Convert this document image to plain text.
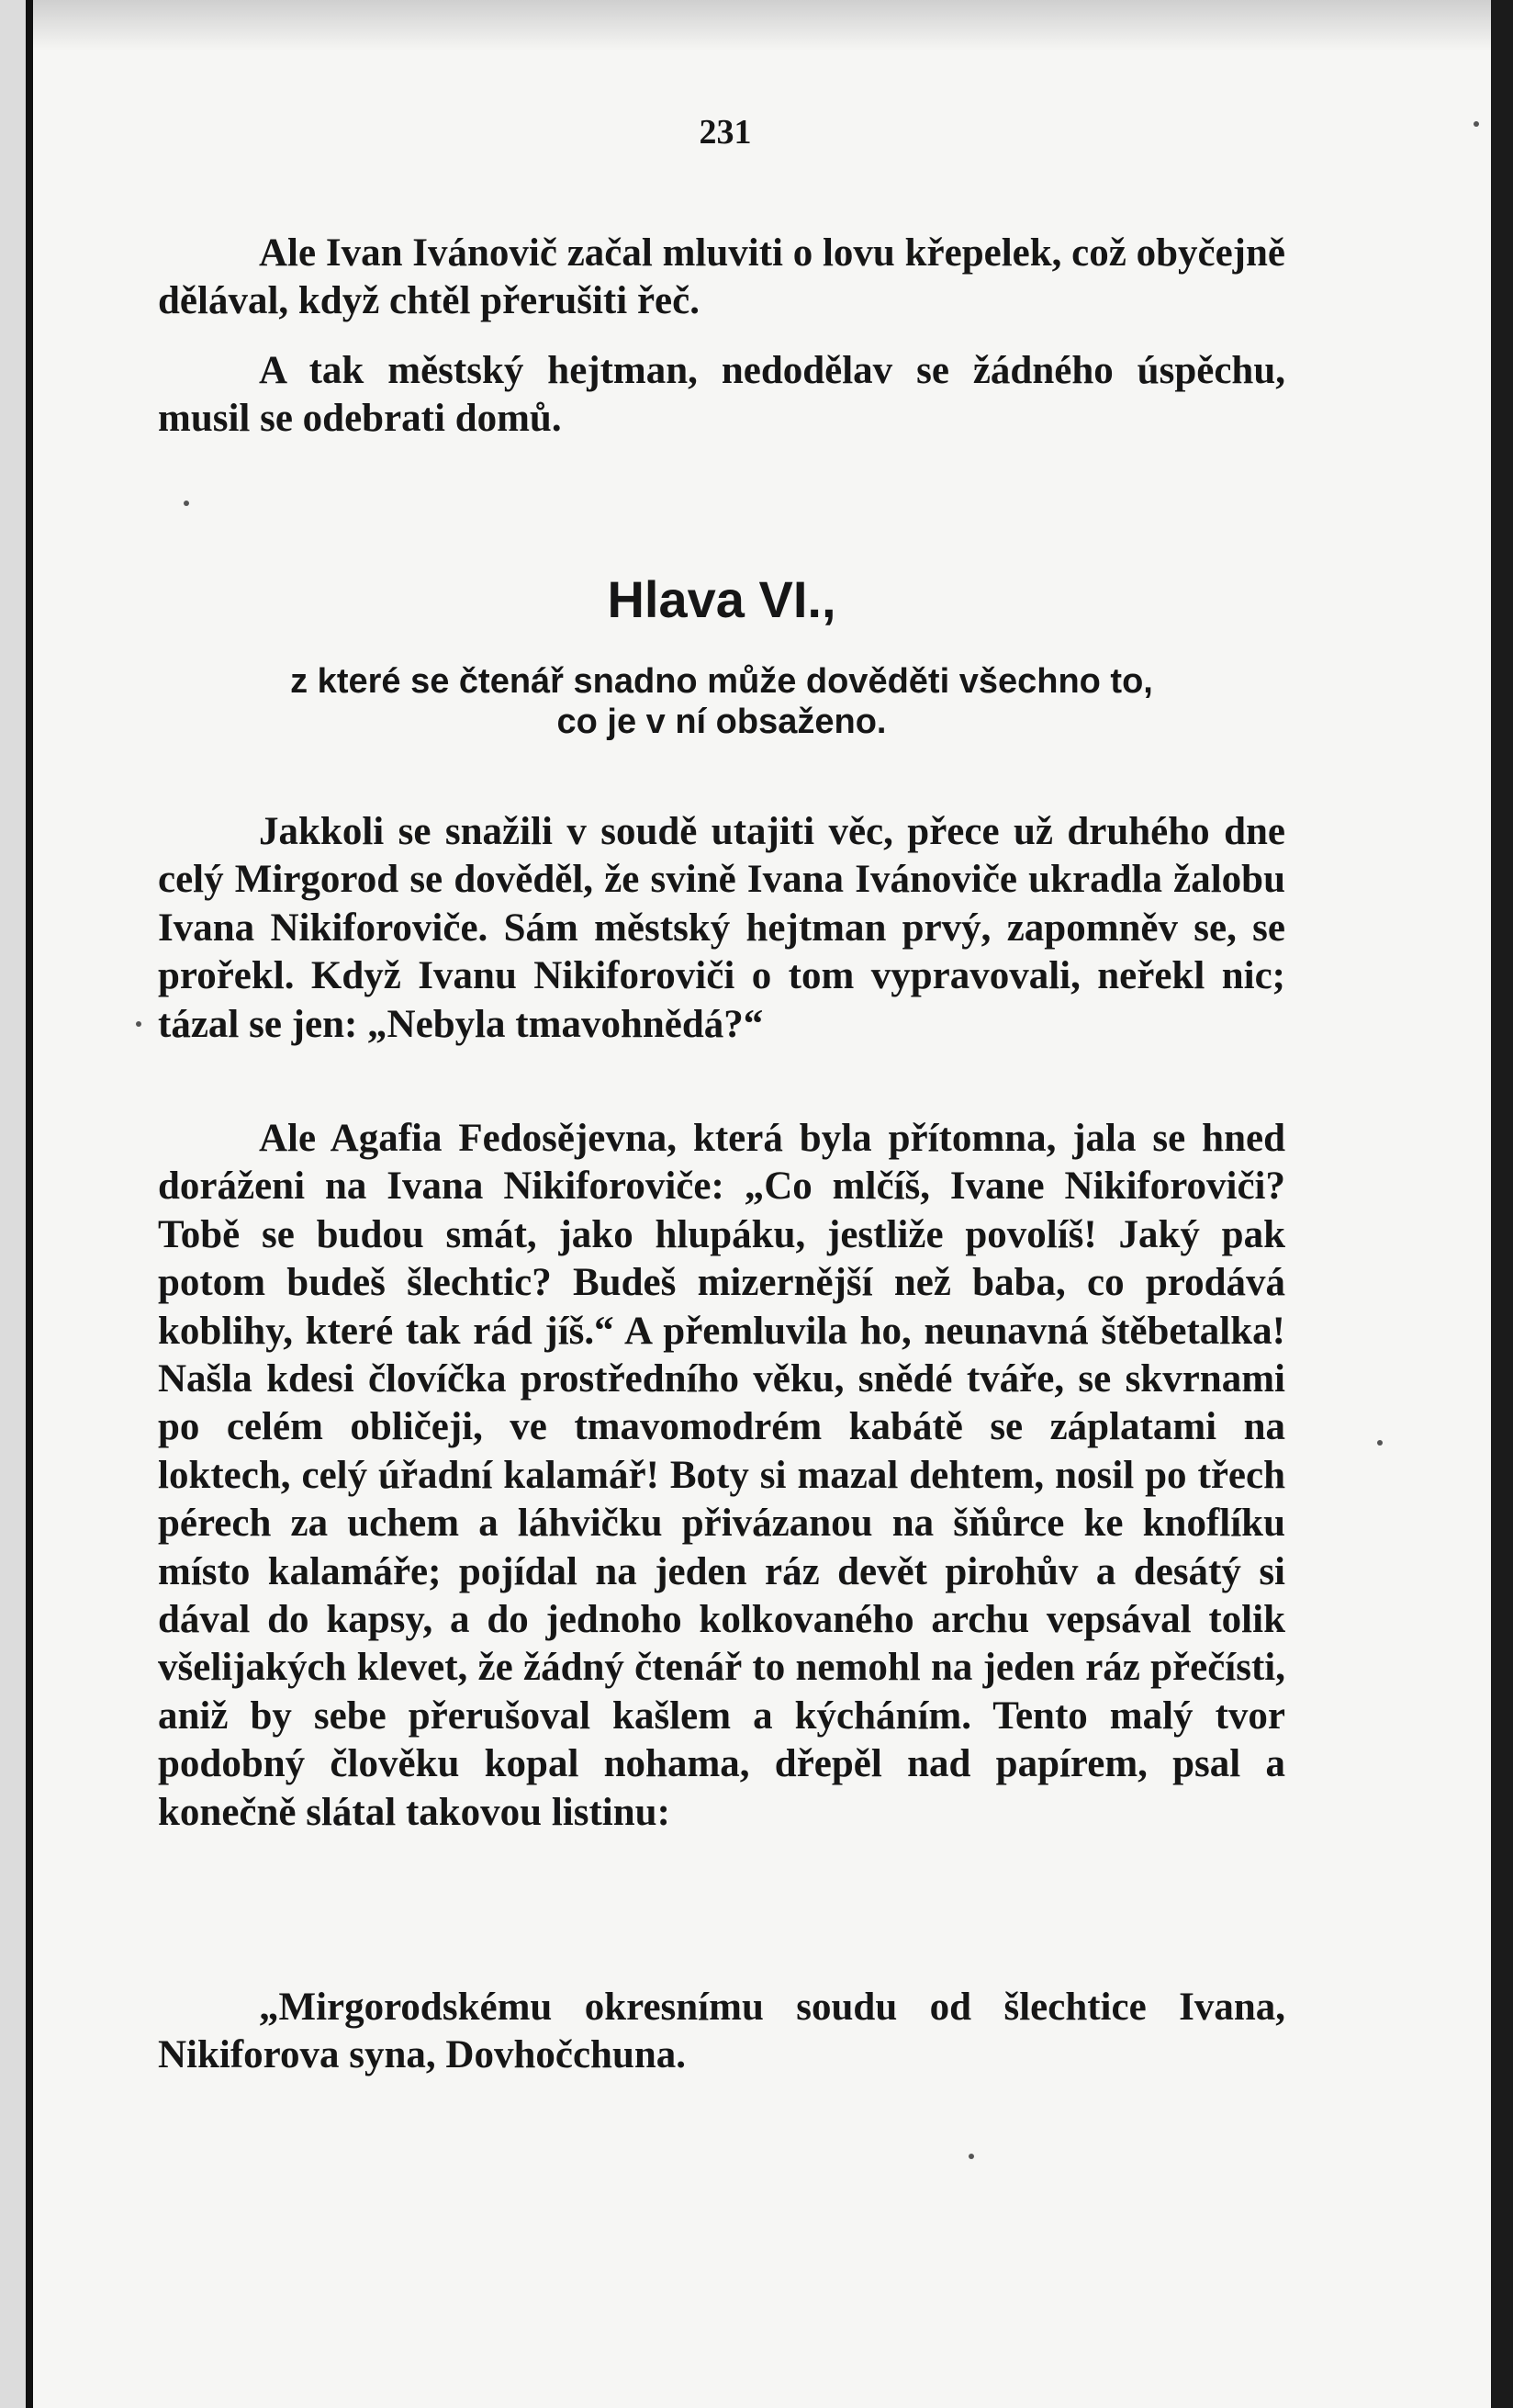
231

Ale Ivan Ivánovič začal mluviti o lovu křepelek, což obyčejně dělával, když chtěl přerušiti řeč.

A tak městský hejtman, nedodělav se žádného úspěchu, musil se odebrati domů.

Hlava VI.,
z které se čtenář snadno může dověděti všechno to,
co je v ní obsaženo.

Jakkoli se snažili v soudě utajiti věc, přece už druhého dne celý Mirgorod se dověděl, že svině Ivana Ivánoviče ukradla žalobu Ivana Nikiforoviče. Sám městský hejtman prvý, zapomněv se, se prořekl. Když Ivanu Nikiforoviči o tom vypravovali, neřekl nic; tázal se jen: „Nebyla tmavohnědá?“

Ale Agafia Fedosějevna, která byla přítomna, jala se hned doráženi na Ivana Nikiforoviče: „Co mlčíš, Ivane Nikiforoviči? Tobě se budou smát, jako hlupáku, jestliže povolíš! Jaký pak potom budeš šlechtic? Budeš mizernější než baba, co prodává koblihy, které tak rád jíš.“ A přemluvila ho, neunavná štěbetalka! Našla kdesi človíčka prostředního věku, snědé tváře, se skvrnami po celém obličeji, ve tmavomodrém kabátě se záplatami na loktech, celý úřadní kalamář! Boty si mazal dehtem, nosil po třech pérech za uchem a láhvičku přivázanou na šňůrce ke knoflíku místo kalamáře; pojídal na jeden ráz devět pirohův a desátý si dával do kapsy, a do jednoho kolkovaného archu vepsával tolik všelijakých klevet, že žádný čtenář to nemohl na jeden ráz přečísti, aniž by sebe přerušoval kašlem a kýcháním. Tento malý tvor podobný člověku kopal nohama, dřepěl nad papírem, psal a konečně slátal takovou listinu:

„Mirgorodskému okresnímu soudu od šlechtice Ivana, Nikiforova syna, Dovhočchuna.
